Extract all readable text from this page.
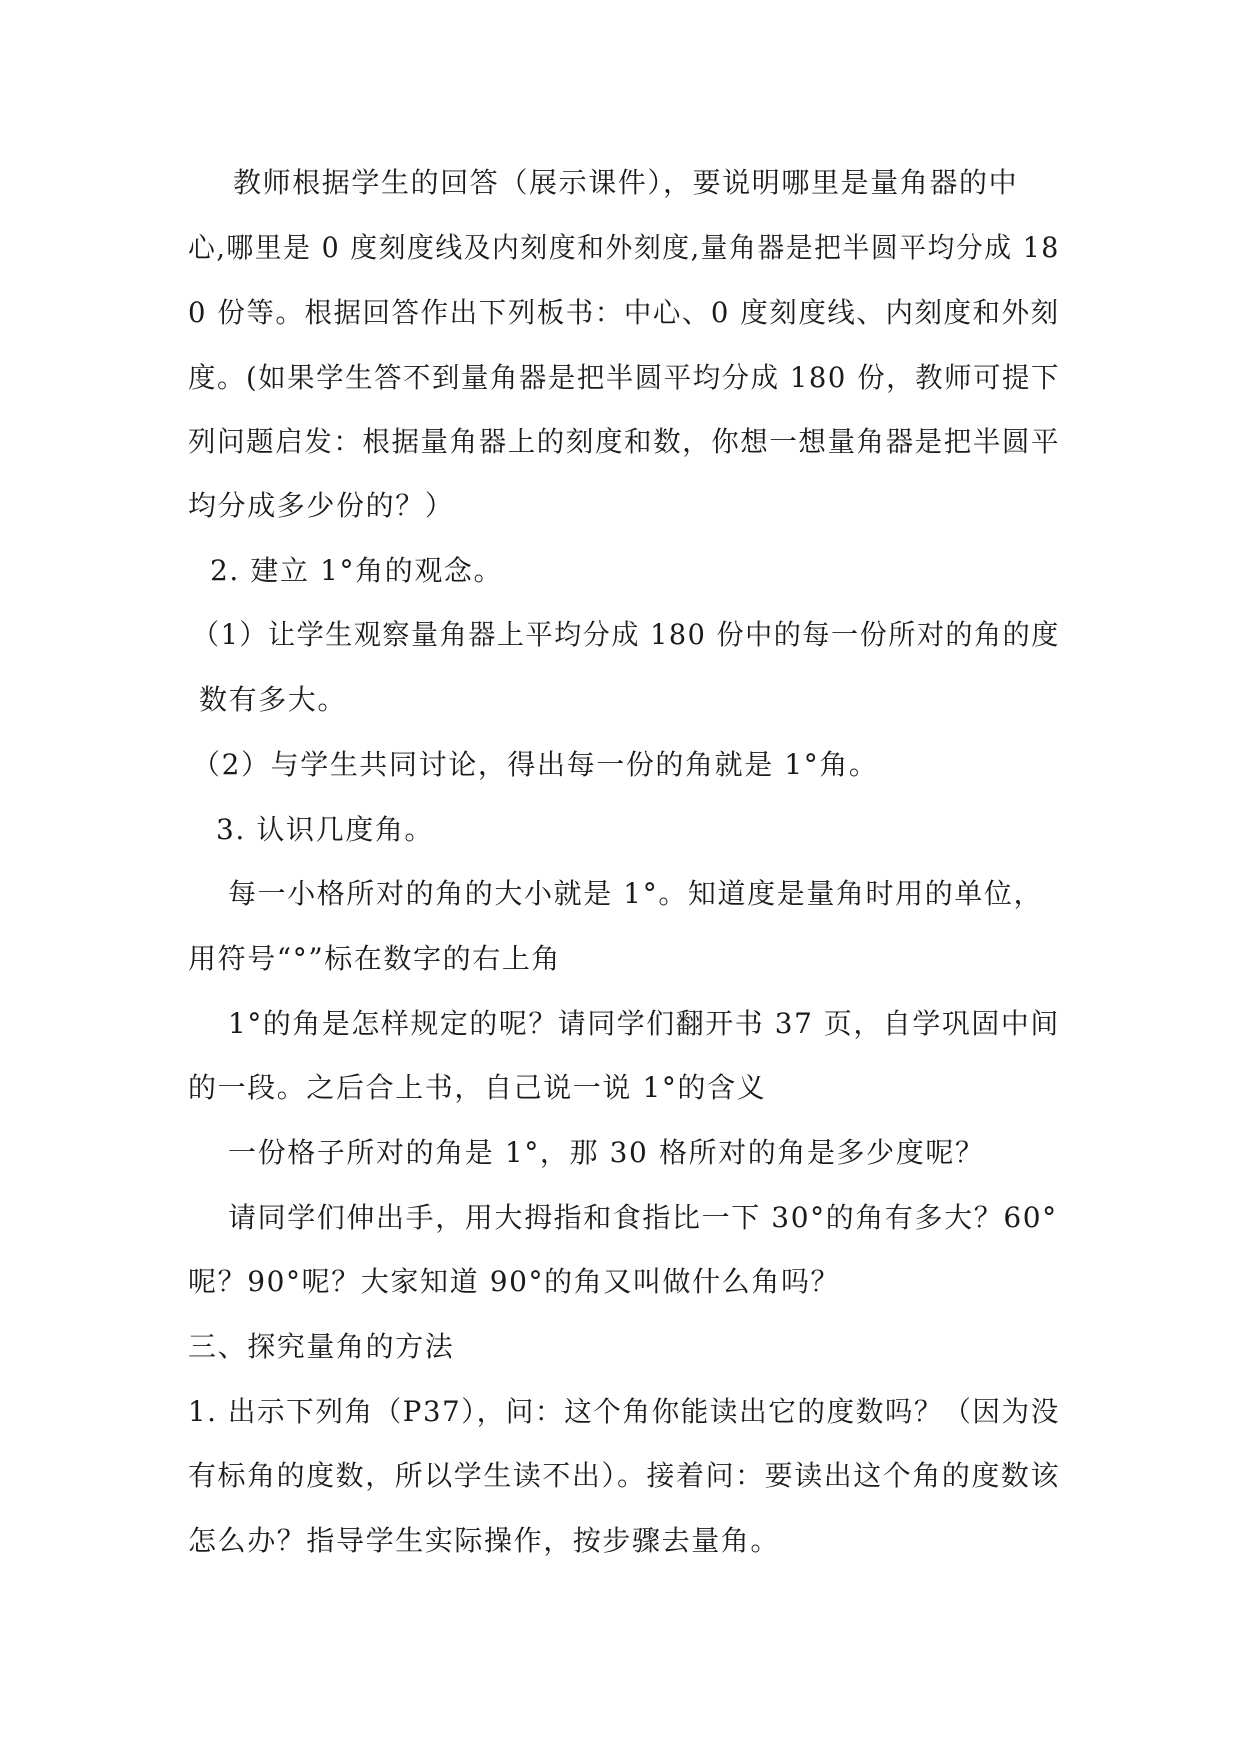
教师根据学生的回答（展示课件），要说明哪里是量角器的中
心,哪里是 0 度刻度线及内刻度和外刻度,量角器是把半圆平均分成 18
0 份等。根据回答作出下列板书：中心、0 度刻度线、内刻度和外刻
度。(如果学生答不到量角器是把半圆平均分成 180 份，教师可提下
列问题启发：根据量角器上的刻度和数，你想一想量角器是把半圆平
均分成多少份的？）
2. 建立 1°角的观念。
（1）让学生观察量角器上平均分成 180 份中的每一份所对的角的度
数有多大。
（2）与学生共同讨论，得出每一份的角就是 1°角。
3. 认识几度角。
每一小格所对的角的大小就是 1°。知道度是量角时用的单位，
用符号“°”标在数字的右上角
1°的角是怎样规定的呢？请同学们翻开书 37 页，自学巩固中间
的一段。之后合上书，自己说一说 1°的含义
一份格子所对的角是 1°，那 30 格所对的角是多少度呢？
请同学们伸出手，用大拇指和食指比一下 30°的角有多大？60°
呢？90°呢？大家知道 90°的角又叫做什么角吗？
三、探究量角的方法
1. 出示下列角（P37），问：这个角你能读出它的度数吗？（因为没
有标角的度数，所以学生读不出）。接着问：要读出这个角的度数该
怎么办？指导学生实际操作，按步骤去量角。
